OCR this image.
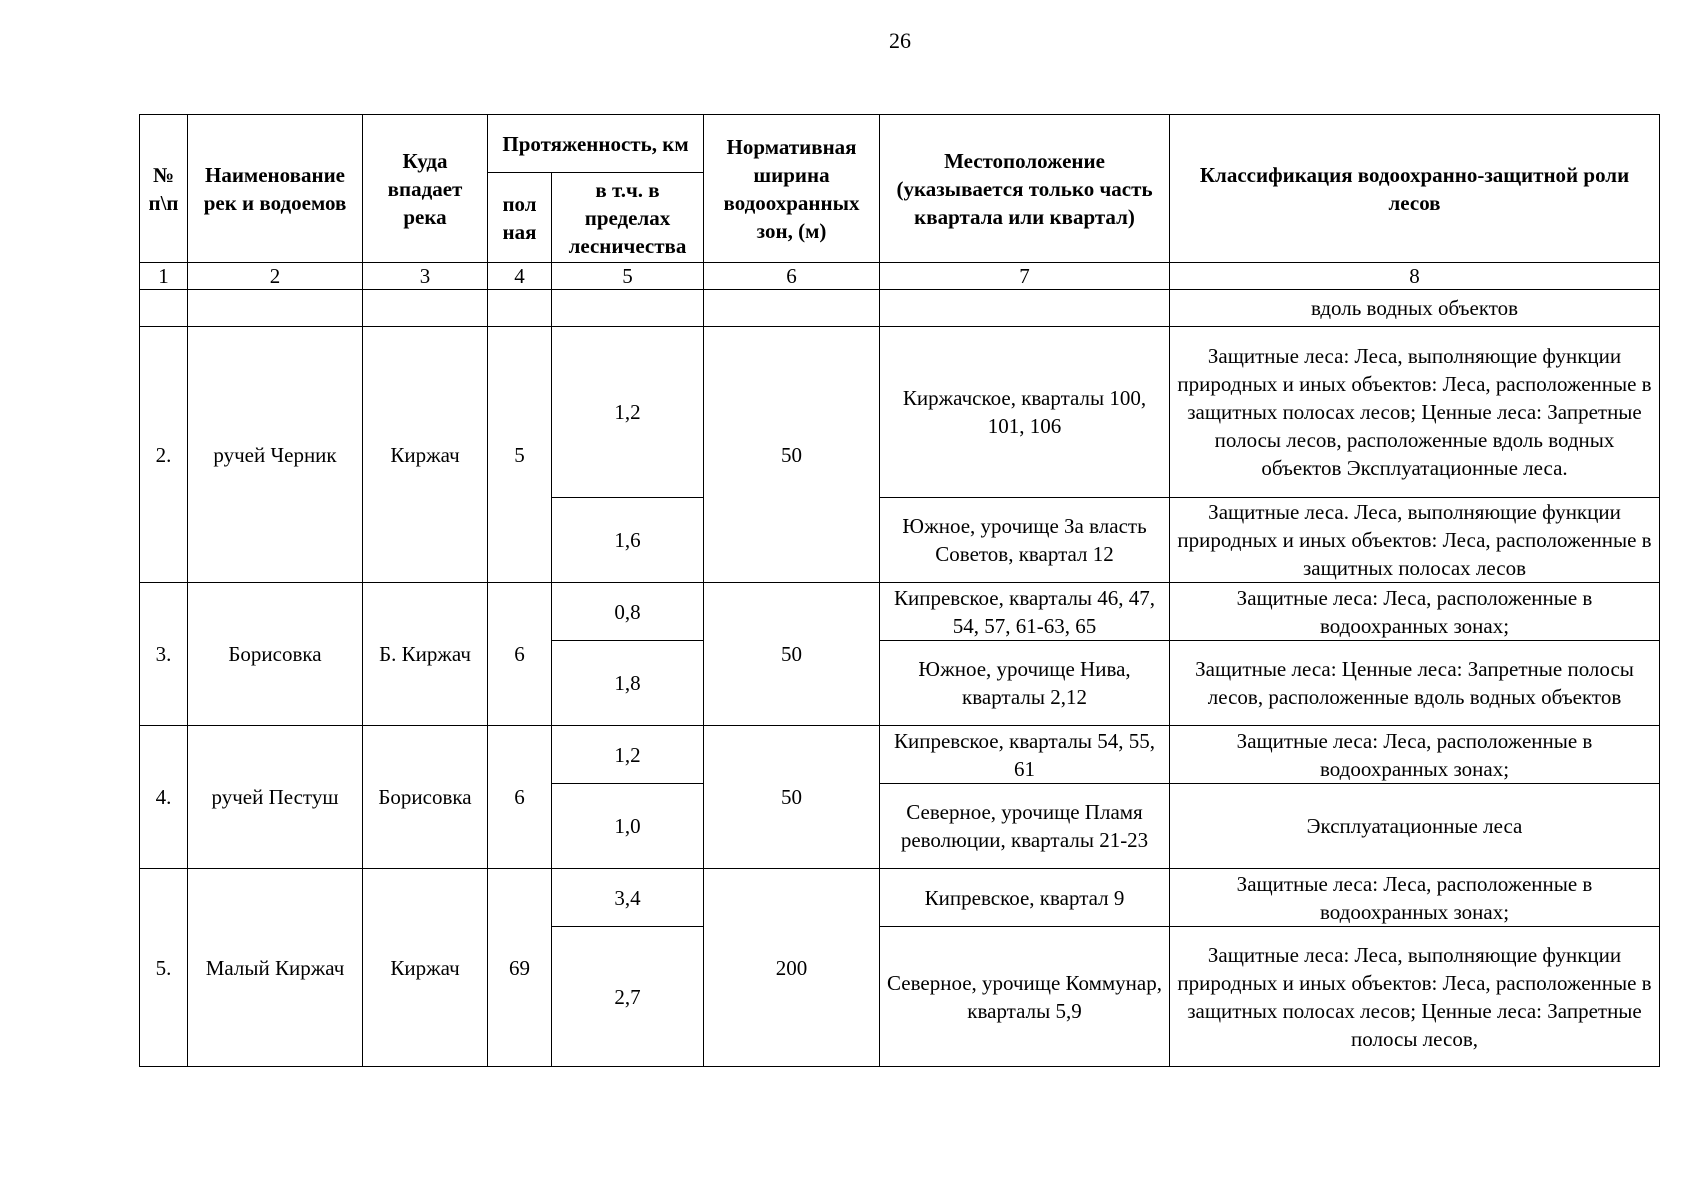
26
№ п\п	Наименование рек и водоемов	Куда впадает река	Протяженность, км		Нормативная ширина водоохранных зон, (м)	Местоположение (указывается только часть квартала или квартал)	Классификация водоохранно-защитной роли лесов
			пол ная	в т.ч. в пределах лесничества			
1	2	3	4	5	6	7	8
							вдоль водных объектов
2.	ручей Черник	Киржач	5	1,2	50	Киржачское, кварталы 100, 101, 106	Защитные леса: Леса, выполняющие функции природных и иных объектов: Леса, расположенные в защитных полосах лесов; Ценные леса: Запретные полосы лесов, расположенные вдоль водных объектов Эксплуатационные леса.
				1,6		Южное, урочище За власть Советов, квартал 12	Защитные леса. Леса, выполняющие функции природных и иных объектов: Леса, расположенные в защитных полосах лесов
3.	Борисовка	Б. Киржач	6	0,8	50	Кипревское, кварталы 46, 47, 54, 57, 61-63, 65	Защитные леса: Леса, расположенные в водоохранных зонах;
				1,8		Южное, урочище Нива, кварталы 2,12	Защитные леса: Ценные леса: Запретные полосы лесов, расположенные вдоль водных объектов
4.	ручей Пестуш	Борисовка	6	1,2	50	Кипревское, кварталы 54, 55, 61	Защитные леса: Леса, расположенные в водоохранных зонах;
				1,0		Северное, урочище Пламя революции, кварталы 21-23	Эксплуатационные леса
5.	Малый Киржач	Киржач	69	3,4	200	Кипревское, квартал 9	Защитные леса: Леса, расположенные в водоохранных зонах;
				2,7		Северное, урочище Коммунар, кварталы 5,9	Защитные леса: Леса, выполняющие функции природных и иных объектов: Леса, расположенные в защитных полосах лесов; Ценные леса: Запретные полосы лесов,
